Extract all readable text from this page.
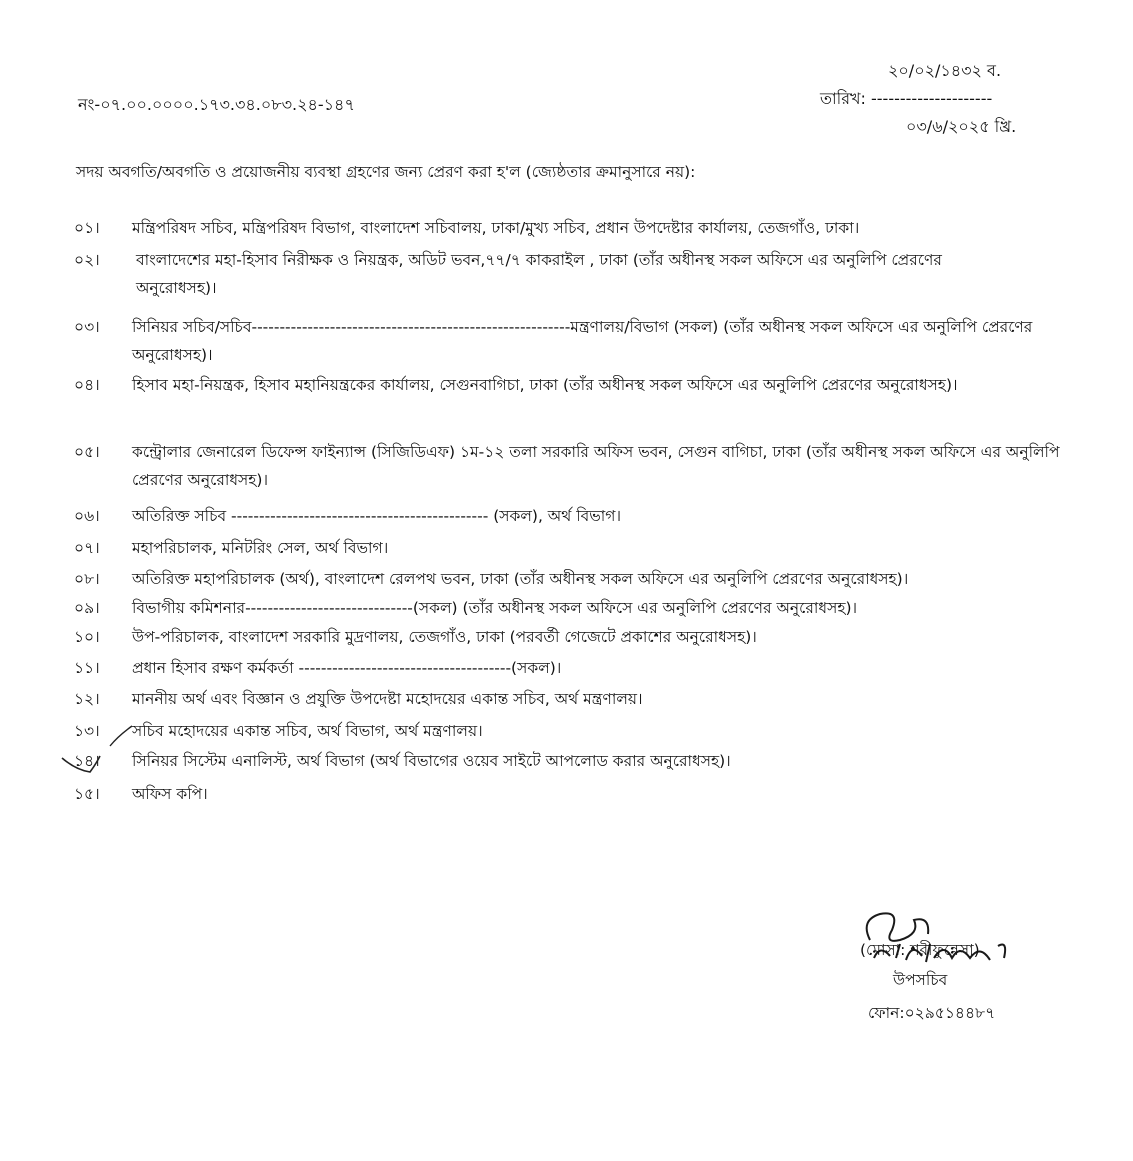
২০/০২/১৪৩২ ব.
নং-০৭.০০.০০০০.১৭৩.৩৪.০৮৩.২৪-১৪৭	তারিখ: ---------------------
০৩/৬/২০২৫ খ্রি.
সদয় অবগতি/অবগতি ও প্রয়োজনীয় ব্যবস্থা গ্রহণের জন্য প্রেরণ করা হ'ল (জ্যেষ্ঠতার ক্রমানুসারে নয়):
০১।	মন্ত্রিপরিষদ সচিব, মন্ত্রিপরিষদ বিভাগ, বাংলাদেশ সচিবালয়, ঢাকা/মুখ্য সচিব, প্রধান উপদেষ্টার কার্যালয়, তেজগাঁও, ঢাকা।
০২।	বাংলাদেশের মহা-হিসাব নিরীক্ষক ও নিয়ন্ত্রক, অডিট ভবন,৭৭/৭ কাকরাইল , ঢাকা (তাঁর অধীনস্থ সকল অফিসে এর অনুলিপি প্রেরণের অনুরোধসহ)।
০৩।	সিনিয়র সচিব/সচিব---------------------------------------------------------মন্ত্রণালয়/বিভাগ (সকল) (তাঁর অধীনস্থ সকল অফিসে এর অনুলিপি প্রেরণের অনুরোধসহ)।
০৪।	হিসাব মহা-নিয়ন্ত্রক, হিসাব মহানিয়ন্ত্রকের কার্যালয়, সেগুনবাগিচা, ঢাকা (তাঁর অধীনস্থ সকল অফিসে এর অনুলিপি প্রেরণের অনুরোধসহ)।
০৫।	কন্ট্রোলার জেনারেল ডিফেন্স ফাইন্যান্স (সিজিডিএফ) ১ম-১২ তলা সরকারি অফিস ভবন, সেগুন বাগিচা, ঢাকা (তাঁর অধীনস্থ সকল অফিসে এর অনুলিপি প্রেরণের অনুরোধসহ)।
০৬।	অতিরিক্ত সচিব ---------------------------------------------- (সকল), অর্থ বিভাগ।
০৭।	মহাপরিচালক, মনিটরিং সেল, অর্থ বিভাগ।
০৮।	অতিরিক্ত মহাপরিচালক (অর্থ), বাংলাদেশ রেলপথ ভবন, ঢাকা (তাঁর অধীনস্থ সকল অফিসে এর অনুলিপি প্রেরণের অনুরোধসহ)।
০৯।	বিভাগীয় কমিশনার------------------------------(সকল) (তাঁর অধীনস্থ সকল অফিসে এর অনুলিপি প্রেরণের অনুরোধসহ)।
১০।	উপ-পরিচালক, বাংলাদেশ সরকারি মুদ্রণালয়, তেজগাঁও, ঢাকা (পরবর্তী গেজেটে প্রকাশের অনুরোধসহ)।
১১।	প্রধান হিসাব রক্ষণ কর্মকর্তা --------------------------------------(সকল)।
১২।	মাননীয় অর্থ এবং বিজ্ঞান ও প্রযুক্তি উপদেষ্টা মহোদয়ের একান্ত সচিব, অর্থ মন্ত্রণালয়।
১৩।	সচিব মহোদয়ের একান্ত সচিব, অর্থ বিভাগ, অর্থ মন্ত্রণালয়।
১৪।	সিনিয়র সিস্টেম এনালিস্ট, অর্থ বিভাগ (অর্থ বিভাগের ওয়েব সাইটে আপলোড করার অনুরোধসহ)।
১৫।	অফিস কপি।
(মোসা: শরীফুন্নেসা)
উপসচিব
ফোন:০২৯৫১৪৪৮৭
